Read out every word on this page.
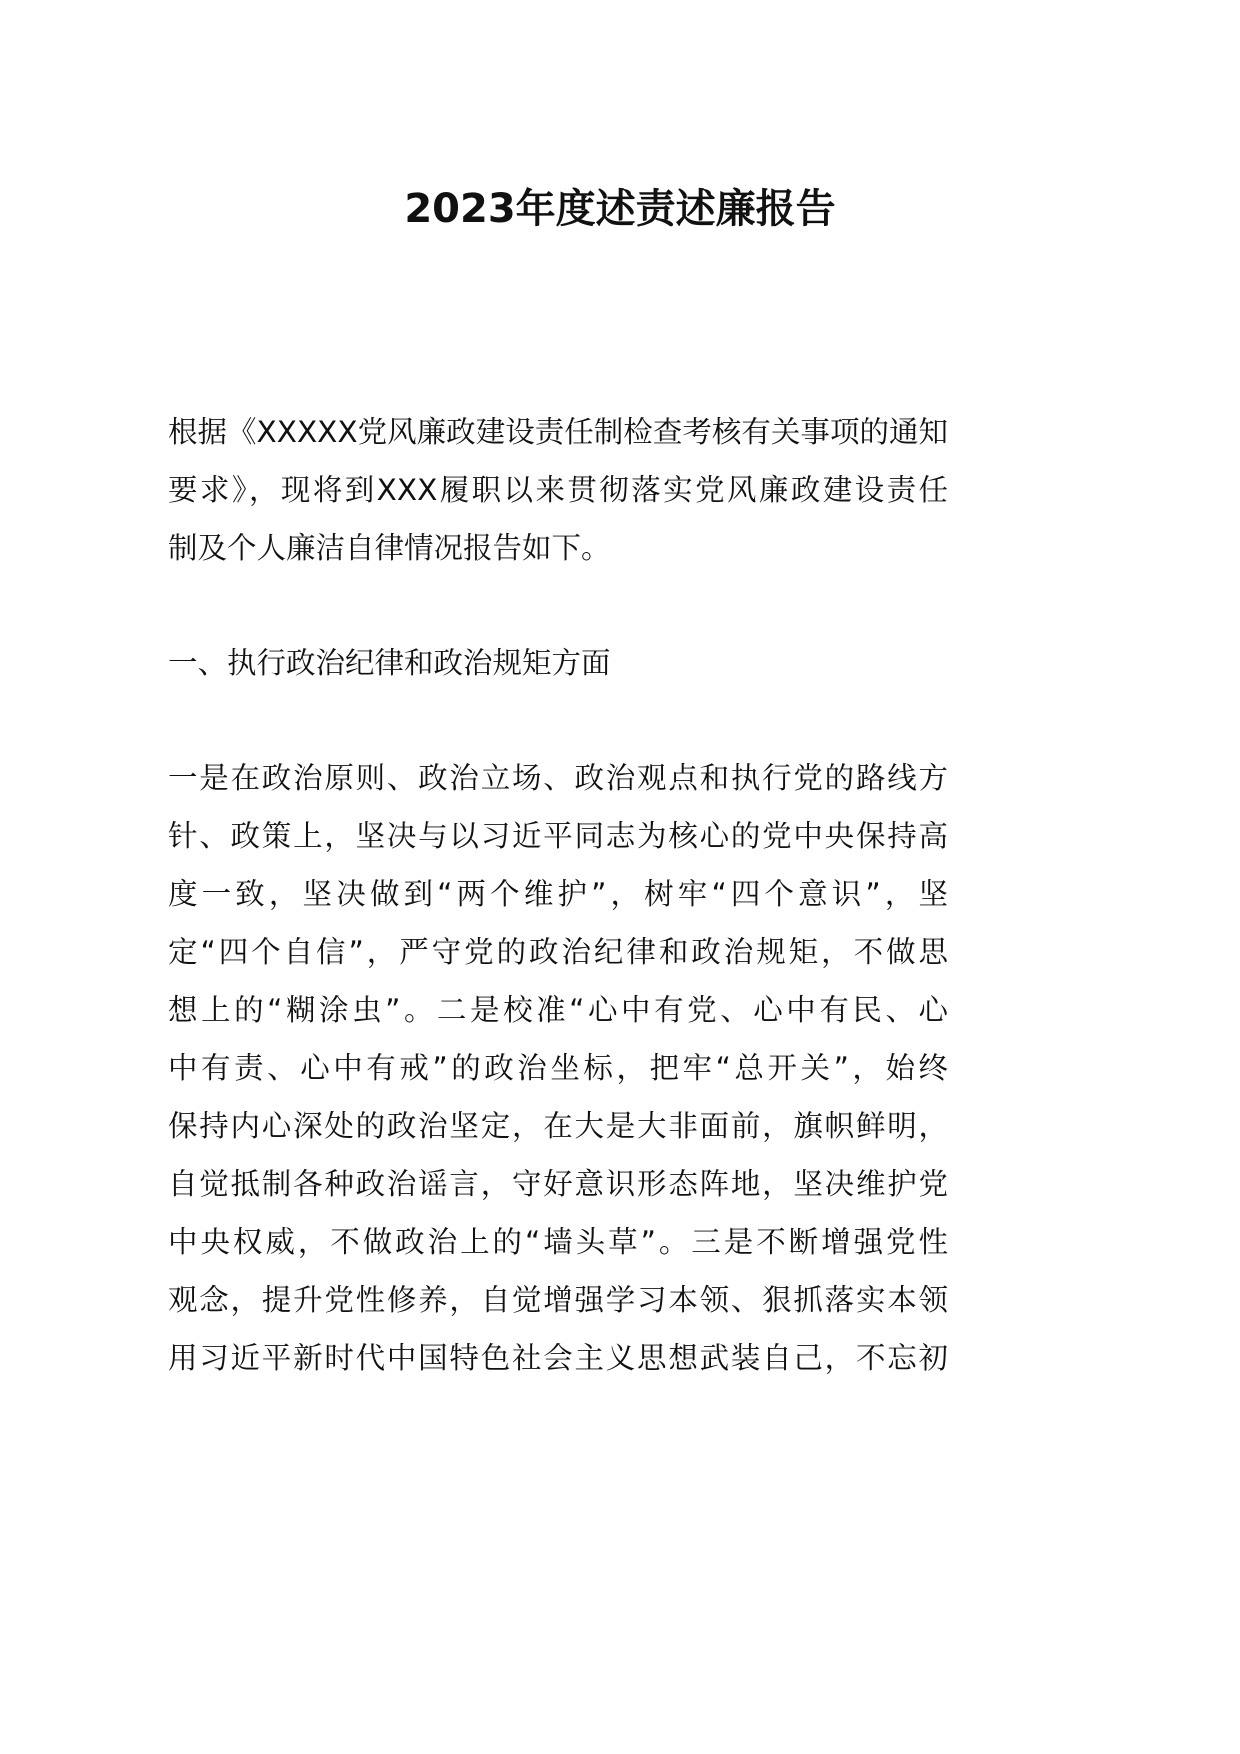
2023年度述责述廉报告
根据《XXXXX党风廉政建设责任制检查考核有关事项的通知
要求》，现将到XXX履职以来贯彻落实党风廉政建设责任
制及个人廉洁自律情况报告如下。
一、执行政治纪律和政治规矩方面
一是在政治原则、政治立场、政治观点和执行党的路线方
针、政策上，坚决与以习近平同志为核心的党中央保持高
度一致，坚决做到“两个维护”，树牢“四个意识”，坚
定“四个自信”，严守党的政治纪律和政治规矩，不做思
想上的“糊涂虫”。二是校准“心中有党、心中有民、心
中有责、心中有戒”的政治坐标，把牢“总开关”，始终
保持内心深处的政治坚定，在大是大非面前，旗帜鲜明，
自觉抵制各种政治谣言，守好意识形态阵地，坚决维护党
中央权威，不做政治上的“墙头草”。三是不断增强党性
观念，提升党性修养，自觉增强学习本领、狠抓落实本领
用习近平新时代中国特色社会主义思想武装自己，不忘初
